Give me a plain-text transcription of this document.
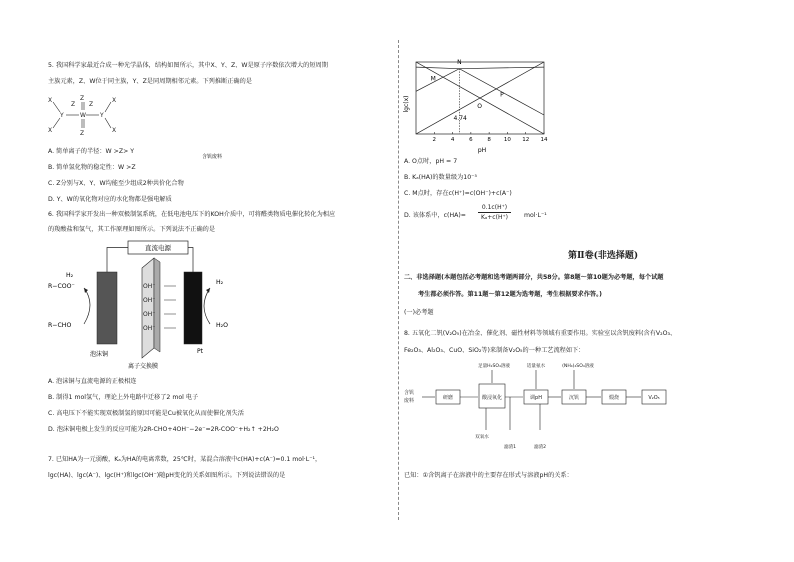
5. 我国科学家最近合成一种光学晶体，结构如图所示，其中X、Y、Z、W是原子序数依次增大的短周期
主族元素，Z、W位于同主族，Y、Z是同周期相邻元素。下列推断正确的是
X	X
X	X
Y	Y
W
Z
Z
Z Z
A. 简单离子的半径：W >Z> Y
B. 简单氢化物的稳定性：W >Z
C. Z分别与X、Y、W均能至少组成2种共价化合物
D. Y、W的氧化物对应的水化物都是强电解质
6. 我国科学家开发出一种双极制氢系统，在低电池电压下的KOH介质中，可将醛类物质电催化转化为相应
的羧酸盐和氢气，其工作原理如图所示。下列说法不正确的是
直流电源
OH⁻
OH⁻
OH⁻
OH⁻
R−COO⁻
H₂
R−CHO
H₂
H₂O
泡沫铜	Pt
离子交换膜
A. 泡沫铜与直流电源的正极相连
B. 制得1 mol氢气，理论上外电路中迁移了2 mol 电子
C. 高电压下不能实现双极制氢的原因可能是Cu被氧化从而使催化剂失活
D. 泡沫铜电极上发生的反应可能为2R-CHO+4OH⁻−2e⁻=2R-COO⁻+H₂↑ +2H₂O
7. 已知HA为一元弱酸，Kₐ为HA的电离常数，25℃时，某混合溶液中c(HA)+c(A⁻)=0.1 mol·L⁻¹，
lgc(HA)、lgc(A⁻)、lgc(H⁺)和lgc(OH⁻)随pH变化的关系如图所示。下列说法错误的是
lgc(x)
pH
2	4	6	8 10 12 14
M
N
O
P
4.74
A. O点时，pH = 7
B. Kₐ(HA)的数量级为10⁻⁵
C. M点时，存在c(H⁺)=c(OH⁻)+c(A⁻)
D. 该体系中，$c(HA)= \frac{0.1c(H^+)}{\text{Kₐ+c(H⁺)}} mol\cdot L^{-1}$
第Ⅱ卷(非选择题)
二、非选择题(本题包括必考题和选考题两部分，共58分。第8题～第10题为必考题，每个试题
考生都必须作答。第11题～第12题为选考题，考生根据要求作答。)
(一)必考题
8. 五氧化二钒(V₂O₅)在冶金、催化剂、磁性材料等领域有重要作用。实验室以含钒废料(含有V₂O₃、
Fe₂O₃、Al₂O₃、CuO、SiO₂等)来制备V₂O₅的一种工艺流程如下：
含钒
废料
含钒废料
研磨	酸浸氧化	调pH	沉钒	煅烧	V₂O₅
足量H₂SO₄溶液	适量氨水	(NH₄)₂SO₄溶液
双氧水
滤渣1	滤渣2
已知：①含钒离子在溶液中的主要存在形式与溶液pH的关系：
